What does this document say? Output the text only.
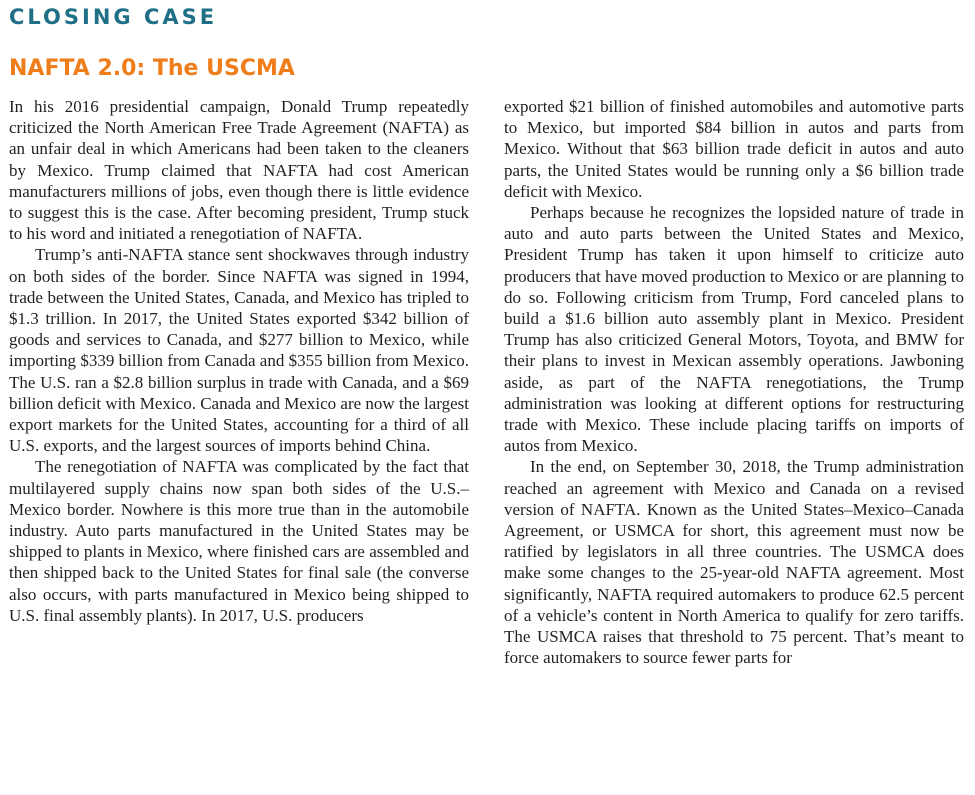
CLOSING CASE
NAFTA 2.0: The USCMA

In his 2016 presidential campaign, Donald Trump repeatedly criticized the North American Free Trade Agreement (NAFTA) as an unfair deal in which Americans had been taken to the cleaners by Mexico. Trump claimed that NAFTA had cost American manufacturers millions of jobs, even though there is little evidence to suggest this is the case. After becoming president, Trump stuck to his word and initiated a renegotiation of NAFTA.

Trump’s anti-NAFTA stance sent shockwaves through industry on both sides of the border. Since NAFTA was signed in 1994, trade between the United States, Canada, and Mexico has tripled to $1.3 trillion. In 2017, the United States exported $342 billion of goods and services to Canada, and $277 billion to Mexico, while importing $339 billion from Canada and $355 billion from Mexico. The U.S. ran a $2.8 billion surplus in trade with Canada, and a $69 billion deficit with Mexico. Canada and Mexico are now the largest export markets for the United States, accounting for a third of all U.S. exports, and the largest sources of imports behind China.

The renegotiation of NAFTA was complicated by the fact that multilayered supply chains now span both sides of the U.S.–Mexico border. Nowhere is this more true than in the automobile industry. Auto parts manufactured in the United States may be shipped to plants in Mexico, where finished cars are assembled and then shipped back to the United States for final sale (the converse also occurs, with parts manufactured in Mexico being shipped to U.S. final assembly plants). In 2017, U.S. producers

exported $21 billion of finished automobiles and automotive parts to Mexico, but imported $84 billion in autos and parts from Mexico. Without that $63 billion trade deficit in autos and auto parts, the United States would be running only a $6 billion trade deficit with Mexico.

Perhaps because he recognizes the lopsided nature of trade in auto and auto parts between the United States and Mexico, President Trump has taken it upon himself to criticize auto producers that have moved production to Mexico or are planning to do so. Following criticism from Trump, Ford canceled plans to build a $1.6 billion auto assembly plant in Mexico. President Trump has also criticized General Motors, Toyota, and BMW for their plans to invest in Mexican assembly operations. Jawboning aside, as part of the NAFTA renegotiations, the Trump administration was looking at different options for restructuring trade with Mexico. These include placing tariffs on imports of autos from Mexico.

In the end, on September 30, 2018, the Trump administration reached an agreement with Mexico and Canada on a revised version of NAFTA. Known as the United States–Mexico–Canada Agreement, or USMCA for short, this agreement must now be ratified by legislators in all three countries. The USMCA does make some changes to the 25-year-old NAFTA agreement. Most significantly, NAFTA required automakers to produce 62.5 percent of a vehicle’s content in North America to qualify for zero tariffs. The USMCA raises that threshold to 75 percent. That’s meant to force automakers to source fewer parts for
